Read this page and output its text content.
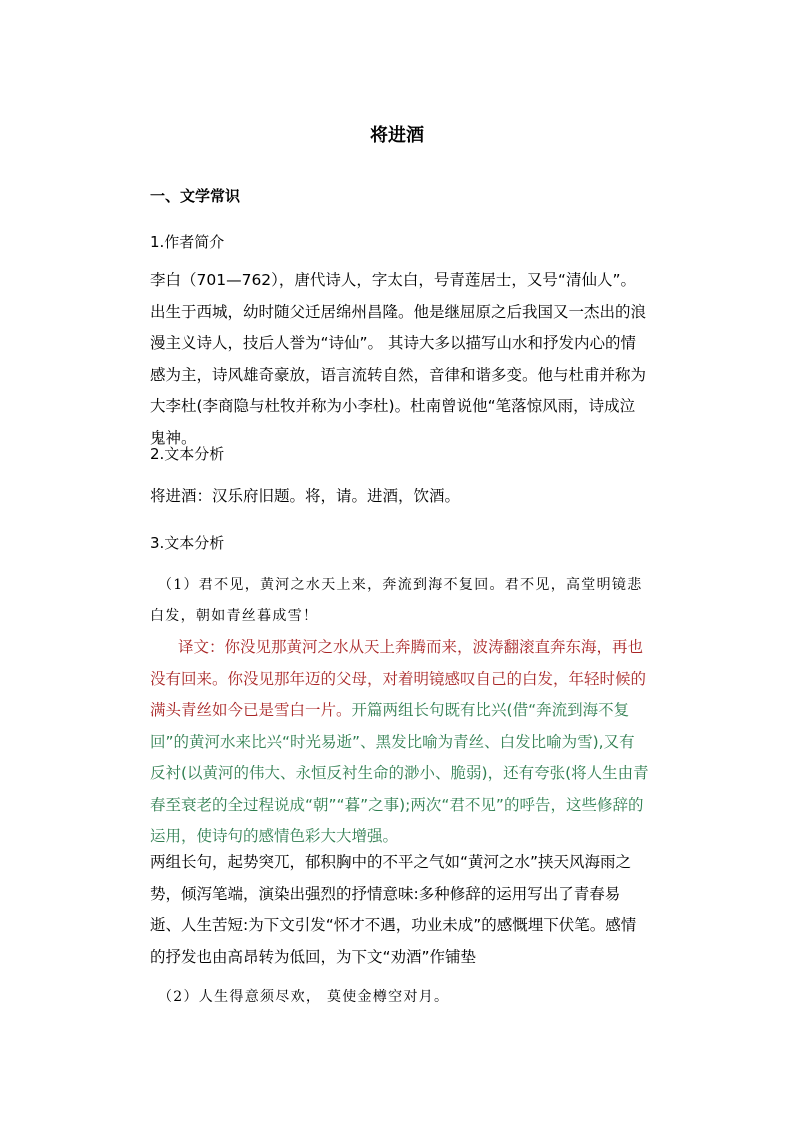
将进酒
一、文学常识
1.作者简介

李白（701—762），唐代诗人，字太白，号青莲居士，又号“清仙人”。出生于西城，幼时随父迁居绵州昌隆。他是继屈原之后我国又一杰出的浪漫主义诗人，技后人誉为“诗仙”。 其诗大多以描写山水和抒发内心的情感为主，诗风雄奇豪放，语言流转自然，音律和谐多变。他与杜甫并称为大李杜(李商隐与杜牧并称为小李杜)。杜南曾说他“笔落惊风雨，诗成泣鬼神。

2.文本分析

将进酒：汉乐府旧题。将，请。进酒，饮酒。

3.文本分析

（1）君不见，黄河之水天上来，奔流到海不复回。君不见，高堂明镜悲白发，朝如青丝暮成雪！

译文：你没见那黄河之水从天上奔腾而来，波涛翻滚直奔东海，再也没有回来。你没见那年迈的父母，对着明镜感叹自己的白发，年轻时候的满头青丝如今已是雪白一片。开篇两组长句既有比兴(借“奔流到海不复回”的黄河水来比兴“时光易逝”、黑发比喻为青丝、白发比喻为雪),又有反衬(以黄河的伟大、永恒反衬生命的渺小、脆弱)，还有夸张(将人生由青春至衰老的全过程说成“朝”“暮”之事);两次“君不见”的呼告，这些修辞的运用，使诗句的感情色彩大大增强。

两组长句，起势突兀，郁积胸中的不平之气如“黄河之水”挟天风海雨之势，倾泻笔端，演染出强烈的抒情意味:多种修辞的运用写出了青春易逝、人生苦短:为下文引发“怀才不遇，功业未成”的感慨埋下伏笔。感情的抒发也由高昂转为低回，为下文“劝酒”作铺垫

（2）人生得意须尽欢， 莫使金樽空对月。
